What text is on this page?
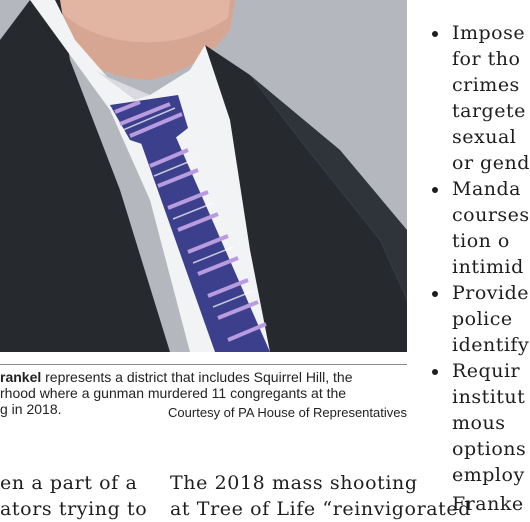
rankel represents a district that includes Squirrel Hill, the
rhood where a gunman murdered 11 congregants at the
g in 2018.	Courtesy of PA House of Representatives
en a part of a
ators trying to
The 2018 mass shooting
at Tree of Life “reinvigorated
Impose
for tho
crimes
targete
sexual
or gend
Manda
courses
tion o
intimid
Provide
police
identify
Requir
institut
mous
options
employ
Franke
